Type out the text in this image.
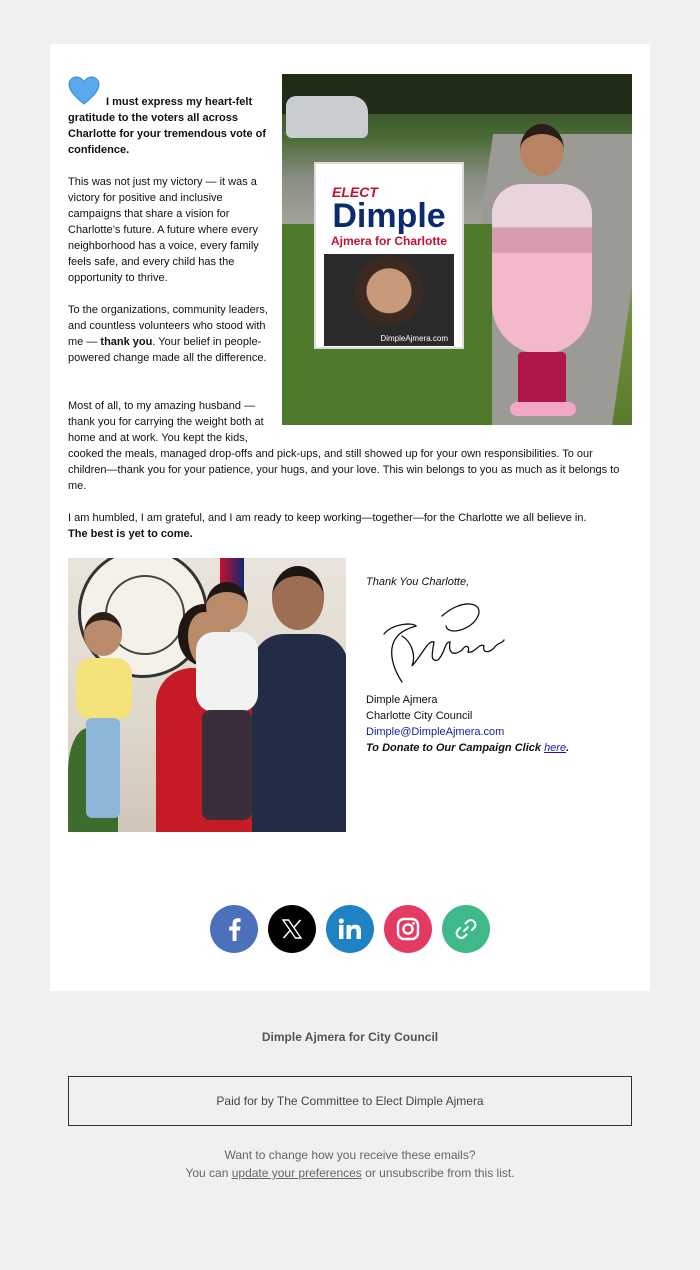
ELECT
Dimple
Ajmera for Charlotte
DimpleAjmera.com
I must express my heart-felt gratitude to the voters all across Charlotte for your tremendous vote of confidence.
This was not just my victory — it was a victory for positive and inclusive campaigns that share a vision for Charlotte’s future. A future where every neighborhood has a voice, every family feels safe, and every child has the opportunity to thrive.
To the organizations, community leaders, and countless volunteers who stood with me — thank you. Your belief in people-powered change made all the difference.
Most of all, to my amazing husband — thank you for carrying the weight both at home and at work. You kept the kids,
cooked the meals, managed drop-offs and pick-ups, and still showed up for your own responsibilities. To our children—thank you for your patience, your hugs, and your love. This win belongs to you as much as it belongs to me.
I am humbled, I am grateful, and I am ready to keep working—together—for the Charlotte we all believe in.
The best is yet to come.
Thank You Charlotte,
Dimple Ajmera
Charlotte City Council
Dimple@DimpleAjmera.com
To Donate to Our Campaign Click here.
Dimple Ajmera for City Council
Paid for by The Committee to Elect Dimple Ajmera
Want to change how you receive these emails?
You can update your preferences or unsubscribe from this list.
